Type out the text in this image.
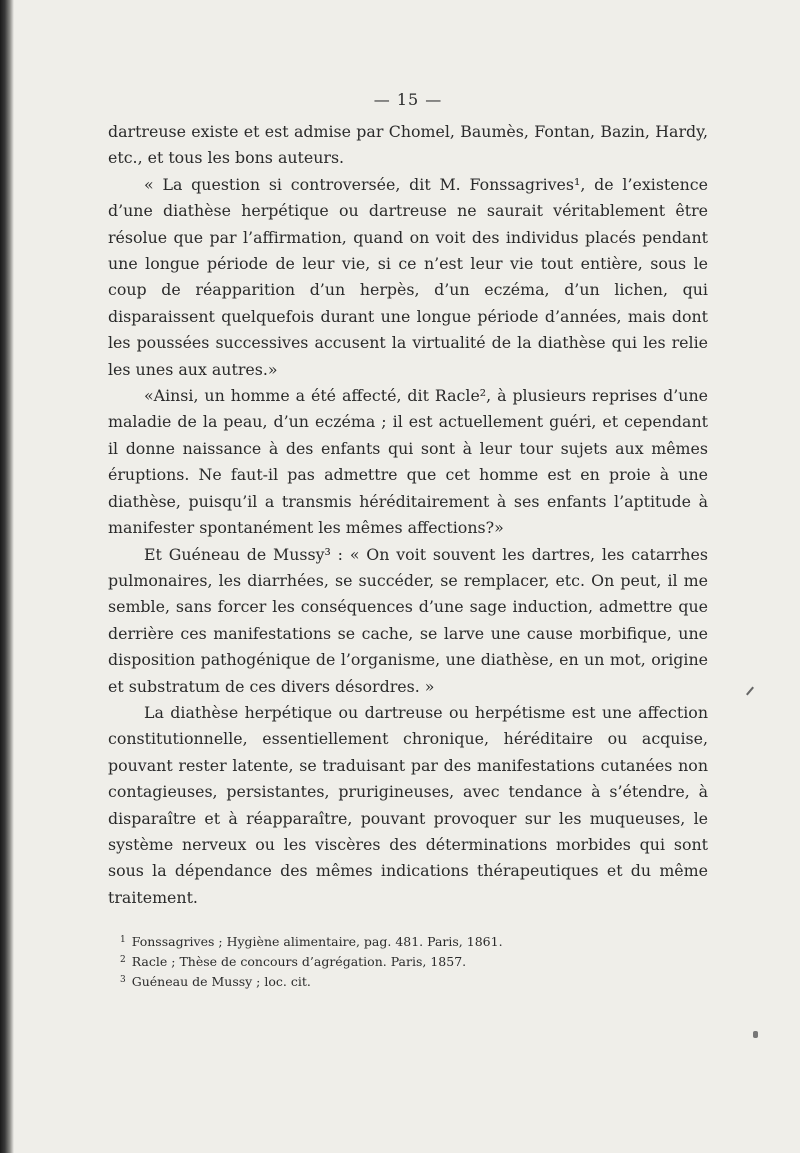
— 15 —

dartreuse existe et est admise par Chomel, Baumès, Fontan, Bazin, Hardy, etc., et tous les bons auteurs.

« La question si controversée, dit M. Fonssagrives¹, de l’existence d’une diathèse herpétique ou dartreuse ne saurait véritablement être résolue que par l’affirmation, quand on voit des individus placés pendant une longue période de leur vie, si ce n’est leur vie tout entière, sous le coup de réapparition d’un herpès, d’un eczéma, d’un lichen, qui disparaissent quelquefois durant une longue période d’années, mais dont les poussées successives accusent la virtualité de la diathèse qui les relie les unes aux autres.»

«Ainsi, un homme a été affecté, dit Racle², à plusieurs reprises d’une maladie de la peau, d’un eczéma ; il est actuellement guéri, et cependant il donne naissance à des enfants qui sont à leur tour sujets aux mêmes éruptions. Ne faut-il pas admettre que cet homme est en proie à une diathèse, puisqu’il a transmis héréditairement à ses enfants l’aptitude à manifester spontanément les mêmes affections?»

Et Guéneau de Mussy³ : « On voit souvent les dartres, les catarrhes pulmonaires, les diarrhées, se succéder, se remplacer, etc. On peut, il me semble, sans forcer les conséquences d’une sage induction, admettre que derrière ces manifestations se cache, se larve une cause morbifique, une disposition pathogénique de l’organisme, une diathèse, en un mot, origine et substratum de ces divers désordres. »

La diathèse herpétique ou dartreuse ou herpétisme est une affection constitutionnelle, essentiellement chronique, héréditaire ou acquise, pouvant rester latente, se traduisant par des manifestations cutanées non contagieuses, persistantes, prurigineuses, avec tendance à s’étendre, à disparaître et à réapparaître, pouvant provoquer sur les muqueuses, le système nerveux ou les viscères des déterminations morbides qui sont sous la dépendance des mêmes indications thérapeutiques et du même traitement.

$^1$ Fonssagrives ; Hygiène alimentaire, pag. 481. Paris, 1861.

$^2$ Racle ; Thèse de concours d’agrégation. Paris, 1857.

$^3$ Guéneau de Mussy ; loc. cit.
